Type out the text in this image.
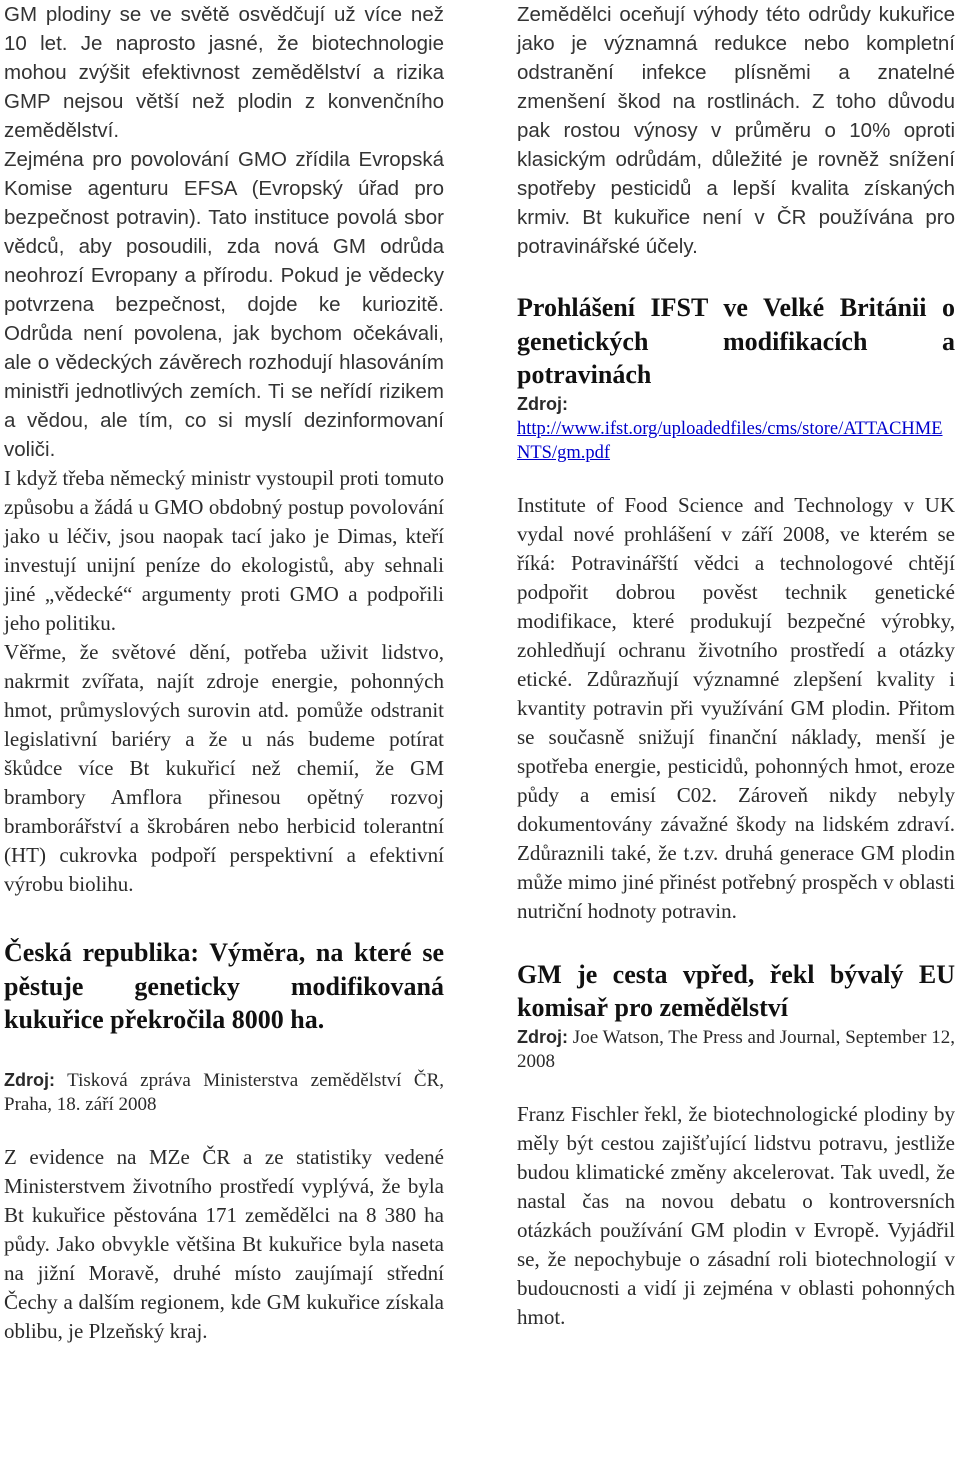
GM plodiny se ve světě osvědčují už více než 10 let. Je naprosto jasné, že biotechnologie mohou zvýšit efektivnost zemědělství a rizika GMP nejsou větší než plodin z konvenčního zemědělství.

Zejména pro povolování GMO zřídila Evropská Komise agenturu EFSA (Evropský úřad pro bezpečnost potravin). Tato instituce povolá sbor vědců, aby posoudili, zda nová GM odrůda neohrozí Evropany a přírodu. Pokud je vědecky potvrzena bezpečnost, dojde ke kuriozitě. Odrůda není povolena, jak bychom očekávali, ale o vědeckých závěrech rozhodují hlasováním ministři jednotlivých zemích. Ti se neřídí rizikem a vědou, ale tím, co si myslí dezinformovaní voliči.

I když třeba německý ministr vystoupil proti tomuto způsobu a žádá u GMO obdobný postup povolování jako u léčiv, jsou naopak tací jako je Dimas, kteří investují unijní peníze do ekologistů, aby sehnali jiné „vědecké“ argumenty proti GMO a podpořili jeho politiku.

Věřme, že světové dění, potřeba uživit lidstvo, nakrmit zvířata, najít zdroje energie, pohonných hmot, průmyslových surovin atd. pomůže odstranit legislativní bariéry a že u nás budeme potírat škůdce více Bt kukuřicí než chemií, že GM brambory Amflora přinesou opětný rozvoj bramborářství a škrobáren nebo herbicid tolerantní (HT) cukrovka podpoří perspektivní a efektivní výrobu biolihu.

Česká republika: Výměra, na které se pěstuje geneticky modifikovaná kukuřice překročila 8000 ha.

Zdroj: Tisková zpráva Ministerstva zemědělství ČR, Praha, 18. září 2008

Z evidence na MZe ČR a ze statistiky vedené Ministerstvem životního prostředí vyplývá, že byla Bt kukuřice pěstována 171 zemědělci na 8 380 ha půdy. Jako obvykle většina Bt kukuřice byla naseta na jižní Moravě, druhé místo zaujímají střední Čechy a dalším regionem, kde GM kukuřice získala oblibu, je Plzeňský kraj.

Zemědělci oceňují výhody této odrůdy kukuřice jako je významná redukce nebo kompletní odstranění infekce plísněmi a znatelné zmenšení škod na rostlinách. Z toho důvodu pak rostou výnosy v průměru o 10% oproti klasickým odrůdám, důležité je rovněž snížení spotřeby pesticidů a lepší kvalita získaných krmiv. Bt kukuřice není v ČR používána pro potravinářské účely.

Prohlášení IFST ve Velké Británii o genetických modifikacích a potravinách

Zdroj:
http://www.ifst.org/uploadedfiles/cms/store/ATTACHMENTS/gm.pdf

Institute of Food Science and Technology v UK vydal nové prohlášení v září 2008, ve kterém se říká: Potravinářští vědci a technologové chtějí podpořit dobrou pověst technik genetické modifikace, které produkují bezpečné výrobky, zohledňují ochranu životního prostředí a otázky etické. Zdůrazňují významné zlepšení kvality i kvantity potravin při využívání GM plodin. Přitom se současně snižují finanční náklady, menší je spotřeba energie, pesticidů, pohonných hmot, eroze půdy a emisí C02. Zároveň nikdy nebyly dokumentovány závažné škody na lidském zdraví. Zdůraznili také, že t.zv. druhá generace GM plodin může mimo jiné přinést potřebný prospěch v oblasti nutriční hodnoty potravin.

GM je cesta vpřed, řekl bývalý EU komisař pro zemědělství

Zdroj: Joe Watson, The Press and Journal, September 12, 2008

Franz Fischler řekl, že biotechnologické plodiny by měly být cestou zajišťující lidstvu potravu, jestliže budou klimatické změny akcelerovat. Tak uvedl, že nastal čas na novou debatu o kontroversních otázkách používání GM plodin v Evropě. Vyjádřil se, že nepochybuje o zásadní roli biotechnologií v budoucnosti a vidí ji zejména v oblasti pohonných hmot.
